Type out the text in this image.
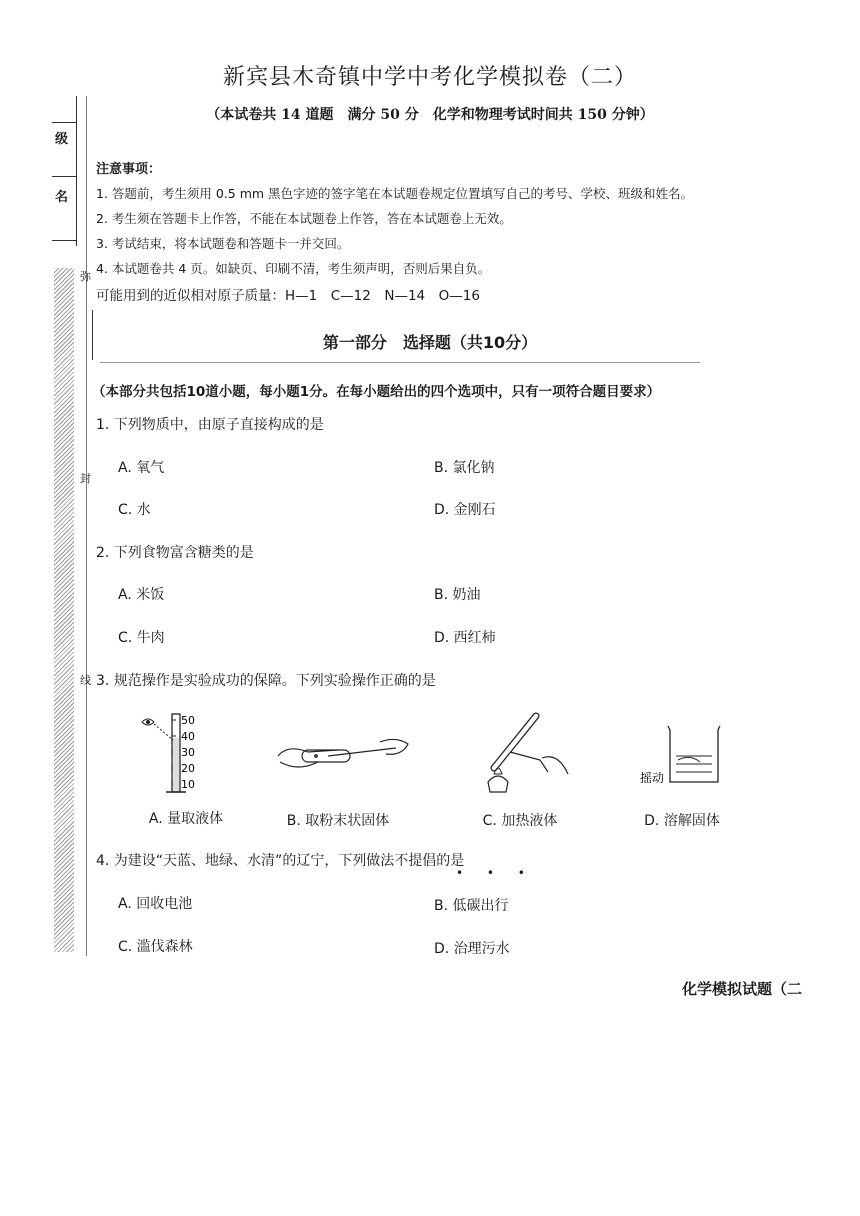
级
名
弥
封
线
新宾县木奇镇中学中考化学模拟卷（二）
（本试卷共 14 道题　满分 50 分　化学和物理考试时间共 150 分钟）
注意事项：
1. 答题前，考生须用 0.5 mm 黑色字迹的签字笔在本试题卷规定位置填写自己的考号、学校、班级和姓名。
2. 考生须在答题卡上作答，不能在本试题卷上作答，答在本试题卷上无效。
3. 考试结束，将本试题卷和答题卡一并交回。
4. 本试题卷共 4 页。如缺页、印刷不清，考生须声明，否则后果自负。
可能用到的近似相对原子质量：H—1　C—12　N—14　O—16
第一部分　选择题（共10分）
（本部分共包括10道小题，每小题1分。在每小题给出的四个选项中，只有一项符合题目要求）
1. 下列物质中，由原子直接构成的是
A. 氧气	B. 氯化钠
C. 水	D. 金刚石
2. 下列食物富含糖类的是
A. 米饭	B. 奶油
C. 牛肉	D. 西红柿
3. 规范操作是实验成功的保障。下列实验操作正确的是
50
40
30
20
10	摇动
A. 量取液体	B. 取粉末状固体	C. 加热液体	D. 溶解固体
4. 为建设“天蓝、地绿、水清”的辽宁，下列做法不提倡的是
• • •
A. 回收电池	B. 低碳出行
C. 滥伐森林	D. 治理污水
化学模拟试题（二
